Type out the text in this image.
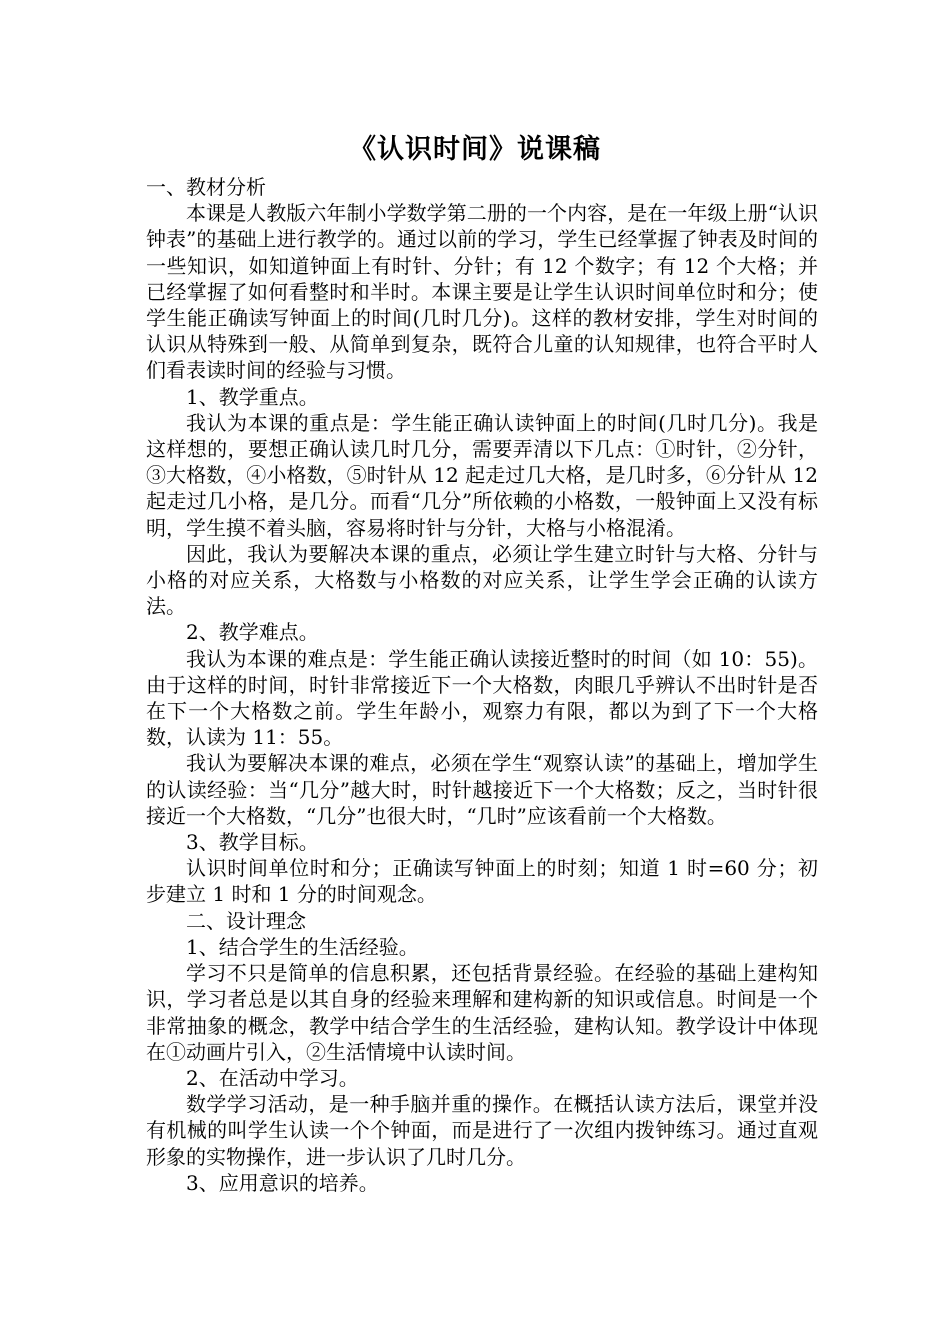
《认识时间》说课稿

一、教材分析

本课是人教版六年制小学数学第二册的一个内容，是在一年级上册“认识钟表”的基础上进行教学的。通过以前的学习，学生已经掌握了钟表及时间的一些知识，如知道钟面上有时针、分针；有 12 个数字；有 12 个大格；并已经掌握了如何看整时和半时。本课主要是让学生认识时间单位时和分；使学生能正确读写钟面上的时间(几时几分)。这样的教材安排，学生对时间的认识从特殊到一般、从简单到复杂，既符合儿童的认知规律，也符合平时人们看表读时间的经验与习惯。

1、教学重点。

我认为本课的重点是：学生能正确认读钟面上的时间(几时几分)。我是这样想的，要想正确认读几时几分，需要弄清以下几点：①时针，②分针，③大格数，④小格数，⑤时针从 12 起走过几大格，是几时多，⑥分针从 12 起走过几小格，是几分。而看“几分”所依赖的小格数，一般钟面上又没有标明，学生摸不着头脑，容易将时针与分针，大格与小格混淆。

因此，我认为要解决本课的重点，必须让学生建立时针与大格、分针与小格的对应关系，大格数与小格数的对应关系，让学生学会正确的认读方法。

2、教学难点。

我认为本课的难点是：学生能正确认读接近整时的时间（如 10：55)。由于这样的时间，时针非常接近下一个大格数，肉眼几乎辨认不出时针是否在下一个大格数之前。学生年龄小，观察力有限，都以为到了下一个大格数，认读为 11：55。

我认为要解决本课的难点，必须在学生“观察认读”的基础上，增加学生的认读经验：当“几分”越大时，时针越接近下一个大格数；反之，当时针很接近一个大格数，“几分”也很大时，“几时”应该看前一个大格数。

3、教学目标。

认识时间单位时和分；正确读写钟面上的时刻；知道 1 时=60 分；初步建立 1 时和 1 分的时间观念。

二、设计理念

1、结合学生的生活经验。

学习不只是简单的信息积累，还包括背景经验。在经验的基础上建构知识，学习者总是以其自身的经验来理解和建构新的知识或信息。时间是一个非常抽象的概念，教学中结合学生的生活经验，建构认知。教学设计中体现在①动画片引入，②生活情境中认读时间。

2、在活动中学习。

数学学习活动，是一种手脑并重的操作。在概括认读方法后，课堂并没有机械的叫学生认读一个个钟面，而是进行了一次组内拨钟练习。通过直观形象的实物操作，进一步认识了几时几分。

3、应用意识的培养。
